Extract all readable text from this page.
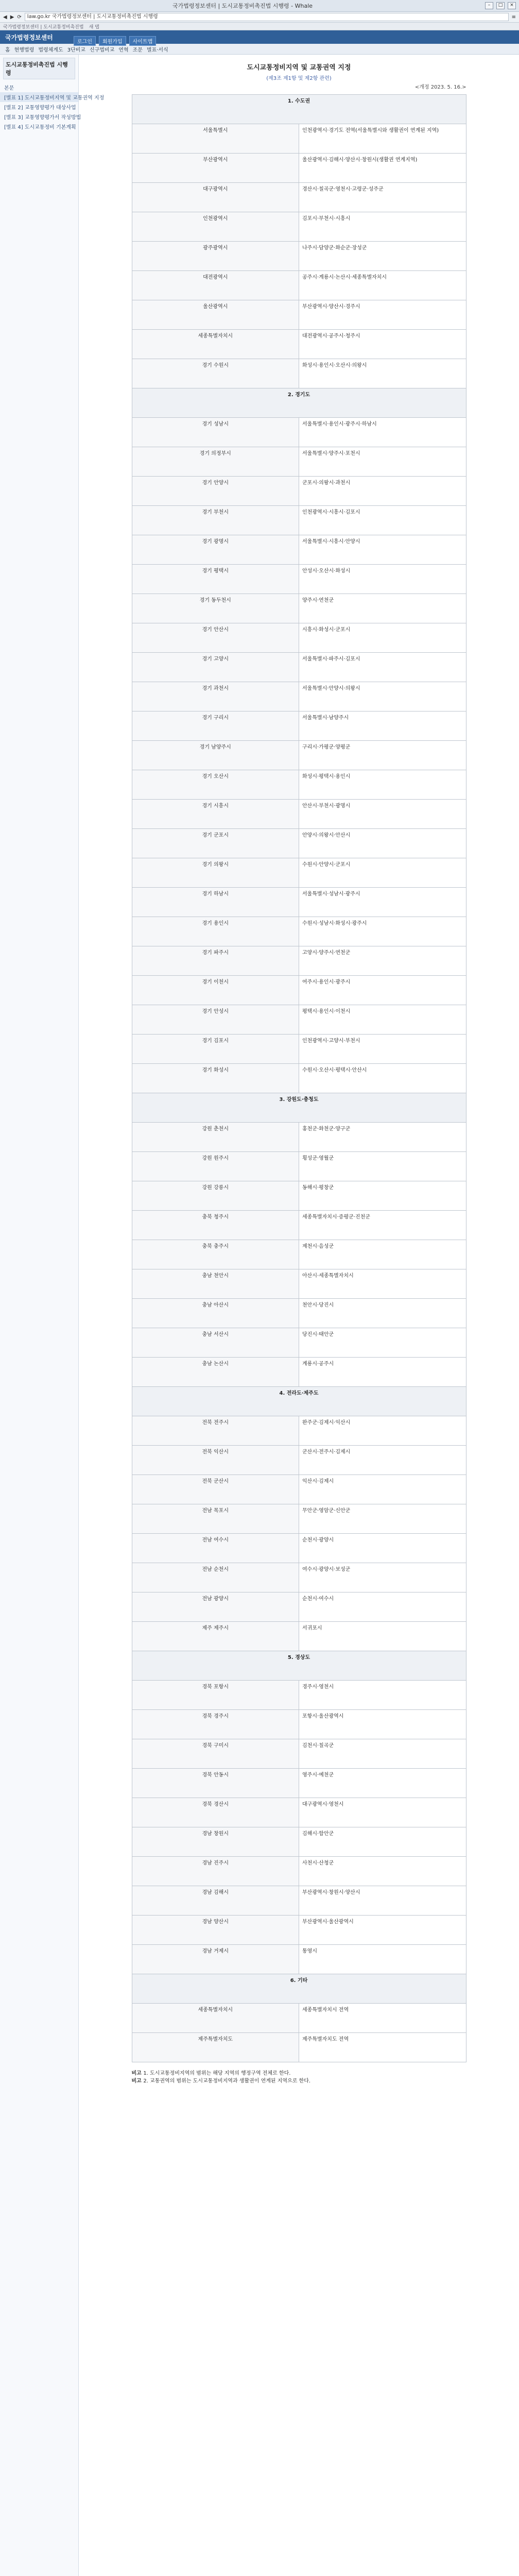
국가법령정보센터 | 도시교통정비촉진법 시행령 - Whale	–	□	×
◀ ▶ ⟳	law.go.kr 국가법령정보센터 | 도시교통정비촉진법 시행령	≡
국가법령정보센터 | 도시교통정비촉진법 새 탭
국가법령정보센터
로그인	회원가입	사이트맵
홈 현행법령 법령체계도 3단비교 신구법비교 연혁 조문 별표·서식
도시교통정비촉진법 시행령
본문
[별표 1] 도시교통정비지역 및 교통권역 지정
[별표 2] 교통영향평가 대상사업
[별표 3] 교통영향평가서 작성방법
[별표 4] 도시교통정비 기본계획
도시교통정비지역 및 교통권역 지정
(제3조 제1항 및 제2항 관련)
<개정 2023. 5. 16.>
1. 수도권	
서울특별시	인천광역시·경기도 전역(서울특별시와 생활권이 연계된 지역)
부산광역시	울산광역시·김해시·양산시·창원시(생활권 연계지역)
대구광역시	경산시·칠곡군·영천시·고령군·성주군
인천광역시	김포시·부천시·시흥시
광주광역시	나주시·담양군·화순군·장성군
대전광역시	공주시·계룡시·논산시·세종특별자치시
울산광역시	부산광역시·양산시·경주시
세종특별자치시	대전광역시·공주시·청주시
경기 수원시	화성시·용인시·오산시·의왕시
2. 경기도	
경기 성남시	서울특별시·용인시·광주시·하남시
경기 의정부시	서울특별시·양주시·포천시
경기 안양시	군포시·의왕시·과천시
경기 부천시	인천광역시·시흥시·김포시
경기 광명시	서울특별시·시흥시·안양시
경기 평택시	안성시·오산시·화성시
경기 동두천시	양주시·연천군
경기 안산시	시흥시·화성시·군포시
경기 고양시	서울특별시·파주시·김포시
경기 과천시	서울특별시·안양시·의왕시
경기 구리시	서울특별시·남양주시
경기 남양주시	구리시·가평군·양평군
경기 오산시	화성시·평택시·용인시
경기 시흥시	안산시·부천시·광명시
경기 군포시	안양시·의왕시·안산시
경기 의왕시	수원시·안양시·군포시
경기 하남시	서울특별시·성남시·광주시
경기 용인시	수원시·성남시·화성시·광주시
경기 파주시	고양시·양주시·연천군
경기 이천시	여주시·용인시·광주시
경기 안성시	평택시·용인시·이천시
경기 김포시	인천광역시·고양시·부천시
경기 화성시	수원시·오산시·평택시·안산시
3. 강원도·충청도	
강원 춘천시	홍천군·화천군·양구군
강원 원주시	횡성군·영월군
강원 강릉시	동해시·평창군
충북 청주시	세종특별자치시·증평군·진천군
충북 충주시	제천시·음성군
충남 천안시	아산시·세종특별자치시
충남 아산시	천안시·당진시
충남 서산시	당진시·태안군
충남 논산시	계룡시·공주시
4. 전라도·제주도	
전북 전주시	완주군·김제시·익산시
전북 익산시	군산시·전주시·김제시
전북 군산시	익산시·김제시
전남 목포시	무안군·영암군·신안군
전남 여수시	순천시·광양시
전남 순천시	여수시·광양시·보성군
전남 광양시	순천시·여수시
제주 제주시	서귀포시
5. 경상도	
경북 포항시	경주시·영천시
경북 경주시	포항시·울산광역시
경북 구미시	김천시·칠곡군
경북 안동시	영주시·예천군
경북 경산시	대구광역시·영천시
경남 창원시	김해시·함안군
경남 진주시	사천시·산청군
경남 김해시	부산광역시·창원시·양산시
경남 양산시	부산광역시·울산광역시
경남 거제시	통영시
6. 기타	
세종특별자치시	세종특별자치시 전역
제주특별자치도	제주특별자치도 전역
비고 1. 도시교통정비지역의 범위는 해당 지역의 행정구역 전체로 한다.
비고 2. 교통권역의 범위는 도시교통정비지역과 생활권이 연계된 지역으로 한다.
